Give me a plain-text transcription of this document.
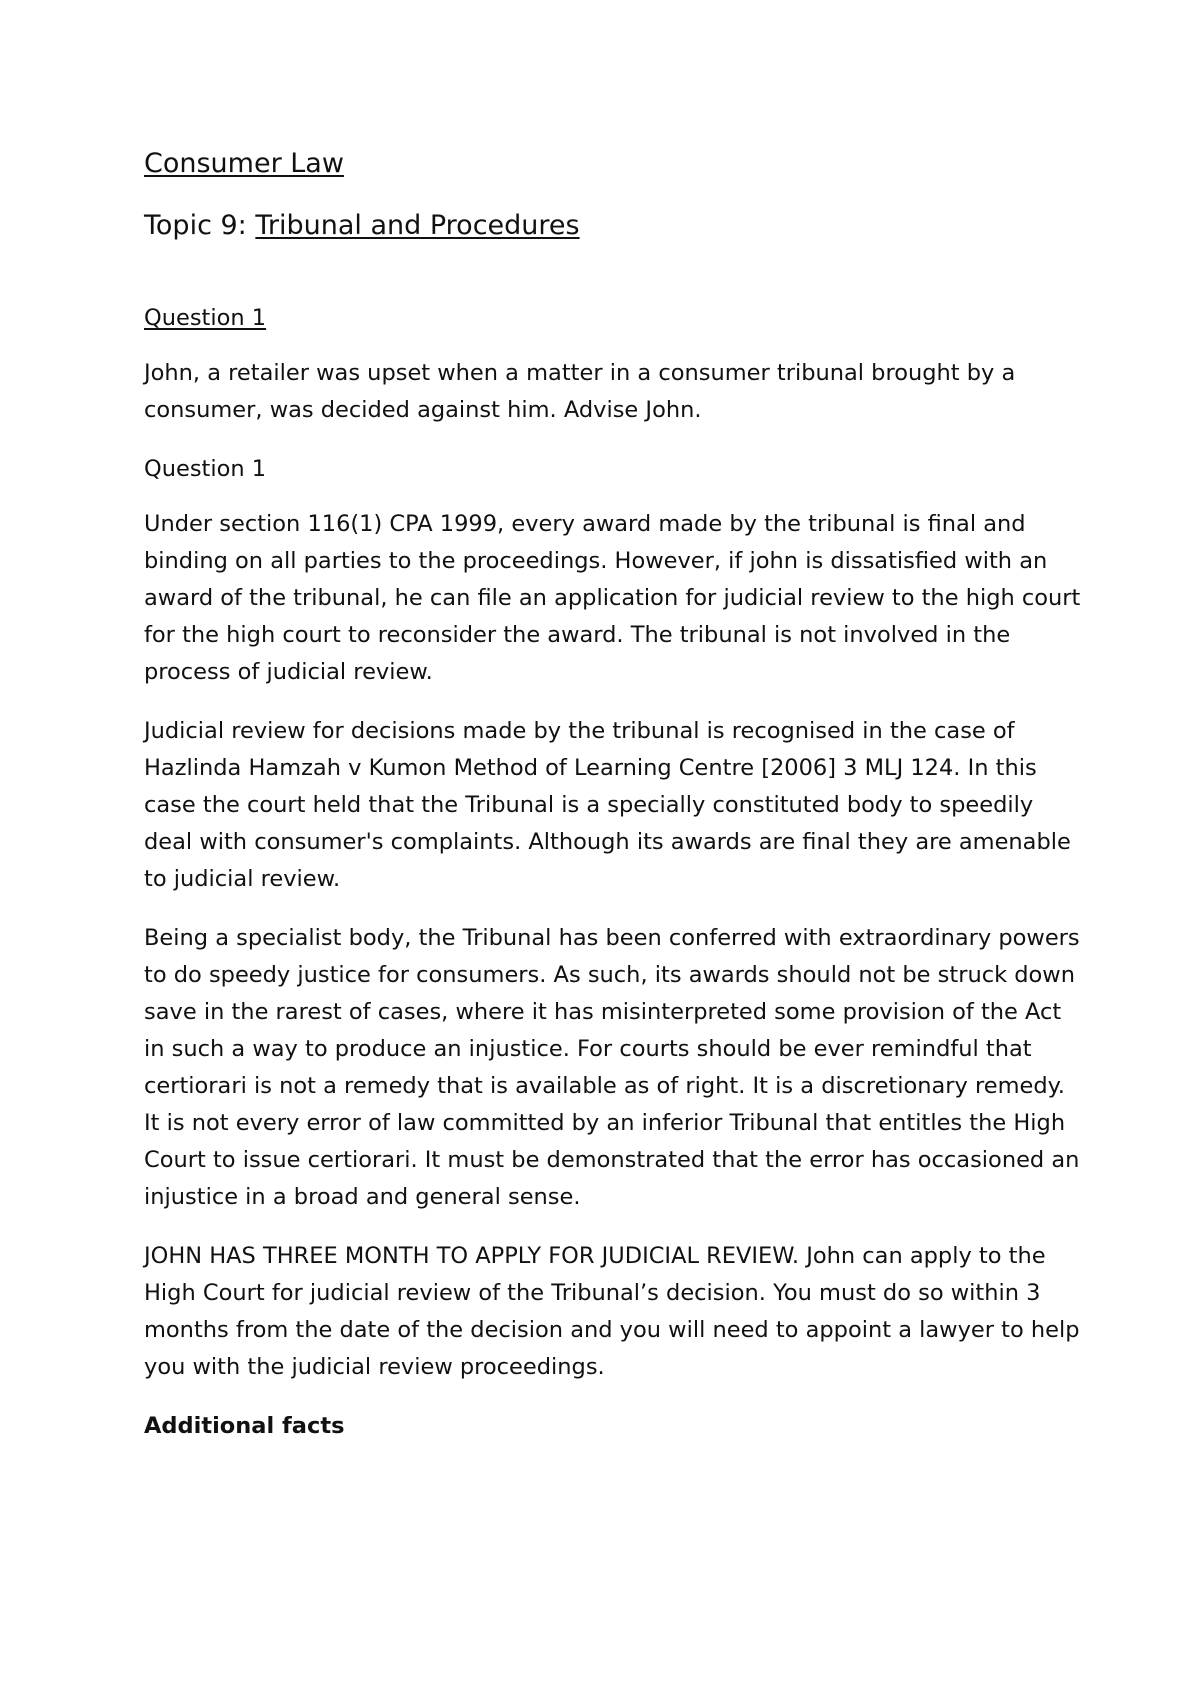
Consumer Law
Topic 9: Tribunal and Procedures

Question 1

John, a retailer was upset when a matter in a consumer tribunal brought by a consumer, was decided against him. Advise John.

Question 1

Under section 116(1) CPA 1999, every award made by the tribunal is final and binding on all parties to the proceedings. However, if john is dissatisfied with an award of the tribunal, he can file an application for judicial review to the high court for the high court to reconsider the award. The tribunal is not involved in the process of judicial review.

Judicial review for decisions made by the tribunal is recognised in the case of Hazlinda Hamzah v Kumon Method of Learning Centre [2006] 3 MLJ 124. In this case the court held that the Tribunal is a specially constituted body to speedily deal with consumer's complaints. Although its awards are final they are amenable to judicial review.

Being a specialist body, the Tribunal has been conferred with extraordinary powers to do speedy justice for consumers. As such, its awards should not be struck down save in the rarest of cases, where it has misinterpreted some provision of the Act in such a way to produce an injustice. For courts should be ever remindful that certiorari is not a remedy that is available as of right. It is a discretionary remedy. It is not every error of law committed by an inferior Tribunal that entitles the High Court to issue certiorari. It must be demonstrated that the error has occasioned an injustice in a broad and general sense.

JOHN HAS THREE MONTH TO APPLY FOR JUDICIAL REVIEW. John can apply to the High Court for judicial review of the Tribunal’s decision. You must do so within 3 months from the date of the decision and you will need to appoint a lawyer to help you with the judicial review proceedings.

Additional facts
